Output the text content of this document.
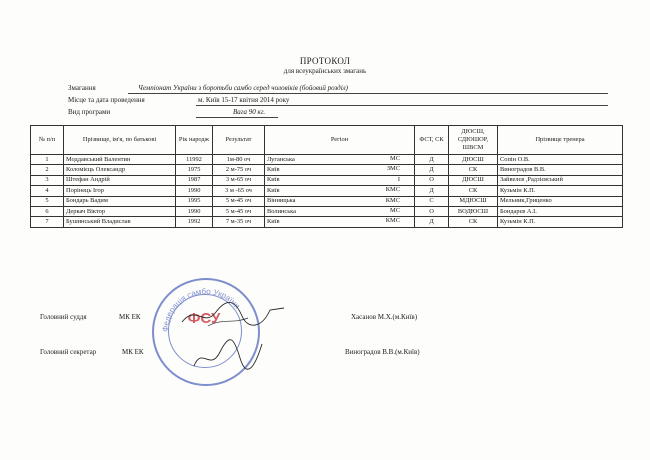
ПРОТОКОЛ
для всеукраїнських змагань
Змагання	Чемпіонат України з боротьби самбо серед чоловіків (бойовий розділ)
Місце та дата проведення	м. Київ 15-17 квітня 2014 року
Вид програми	Вага 90 кг.
№ п/п	Прізвище, ім'я, по батькові	Рік народж	Результат	Регіон	ФСТ, СК	ДЮСШ, СДЮШОР, ШВСМ	Прізвище тренера
1	Моддавський Валентин	11992	1м-80 оч	Луганська МС	Д	ДЮСШ	Сопін О.В.
2	Коломієць Олександр	1975	2 м-75 оч	Київ ЗМС	Д	СК	Виноградов В.В.
3	Штефан Андрій	1987	3 м-65 оч	Київ І	О	ДЮСШ	Зайвелєв ,Радзієвський
4	Порінець Ігор	1990	3 м -65 оч	Київ КМС	Д	СК	Кузьмін К.П.
5	Бондарь Вадим	1995	5 м-45 оч	Вінницька КМС	С	МДЮСШ	Мельник,Гриценко
6	Деркач Віктор	1990	5 м-45 оч	Волинська МС	О	ВОДЮСШ	Бондарєв А.І.
7	Бушинський Владислав	1992	7 м-35 оч	Київ КМС	Д	СК	Кузьмін К.П.
Головний суддя	МК ЕК	Хасанов М.Х.(м.Київ)
Головний секретар	МК ЕК	Виноградов В.В.(м.Київ)
Федерація самбо України
ФСУ
